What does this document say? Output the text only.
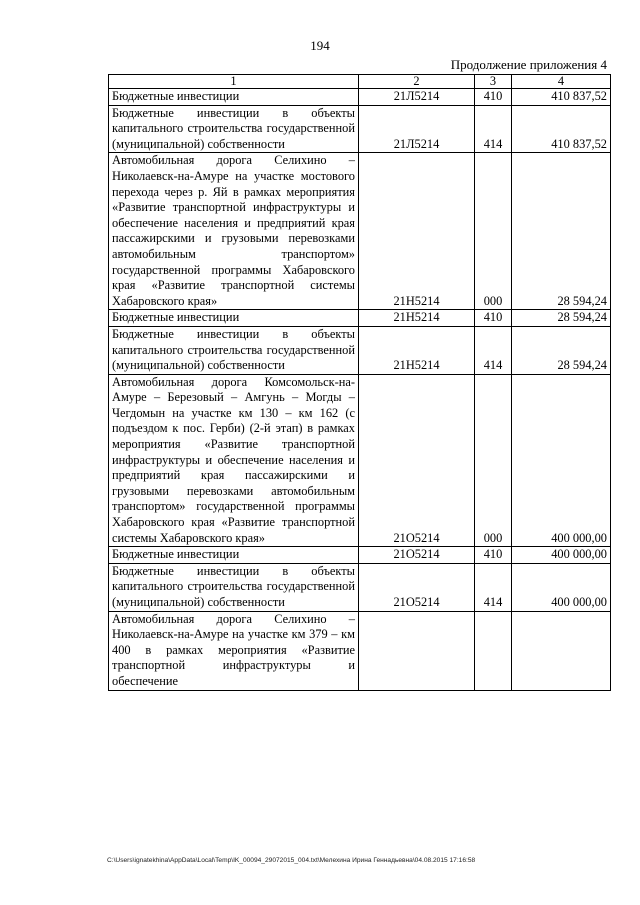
194
Продолжение приложения 4
1	2	3	4
Бюджетные инвестиции	21Л5214	410	410 837,52
Бюджетные инвестиции в объекты капитального строительства государственной (муниципальной) собственности	21Л5214	414	410 837,52
Автомобильная дорога Селихино – Николаевск-на-Амуре на участке мостового перехода через р. Яй в рамках мероприятия «Развитие транспортной инфраструктуры и обеспечение населения и предприятий края пассажирскими и грузовыми перевозками автомобильным транспортом» государственной программы Хабаровского края «Развитие транспортной системы Хабаровского края»	21Н5214	000	28 594,24
Бюджетные инвестиции	21Н5214	410	28 594,24
Бюджетные инвестиции в объекты капитального строительства государственной (муниципальной) собственности	21Н5214	414	28 594,24
Автомобильная дорога Комсомольск-на-Амуре – Березовый – Амгунь – Могды – Чегдомын на участке км 130 – км 162 (с подъездом к пос. Герби) (2-й этап) в рамках мероприятия «Развитие транспортной инфраструктуры и обеспечение населения и предприятий края пассажирскими и грузовыми перевозками автомобильным транспортом» государственной программы Хабаровского края «Развитие транспортной системы Хабаровского края»	21О5214	000	400 000,00
Бюджетные инвестиции	21О5214	410	400 000,00
Бюджетные инвестиции в объекты капитального строительства государственной (муниципальной) собственности	21О5214	414	400 000,00
Автомобильная дорога Селихино – Николаевск-на-Амуре на участке км 379 – км 400 в рамках мероприятия «Развитие транспортной инфраструктуры и обеспечение			
C:\Users\ignatekhina\AppData\Local\Temp\IK_00094_29072015_004.txt\Мелехина Ирина Геннадьевна\04.08.2015 17:16:58
